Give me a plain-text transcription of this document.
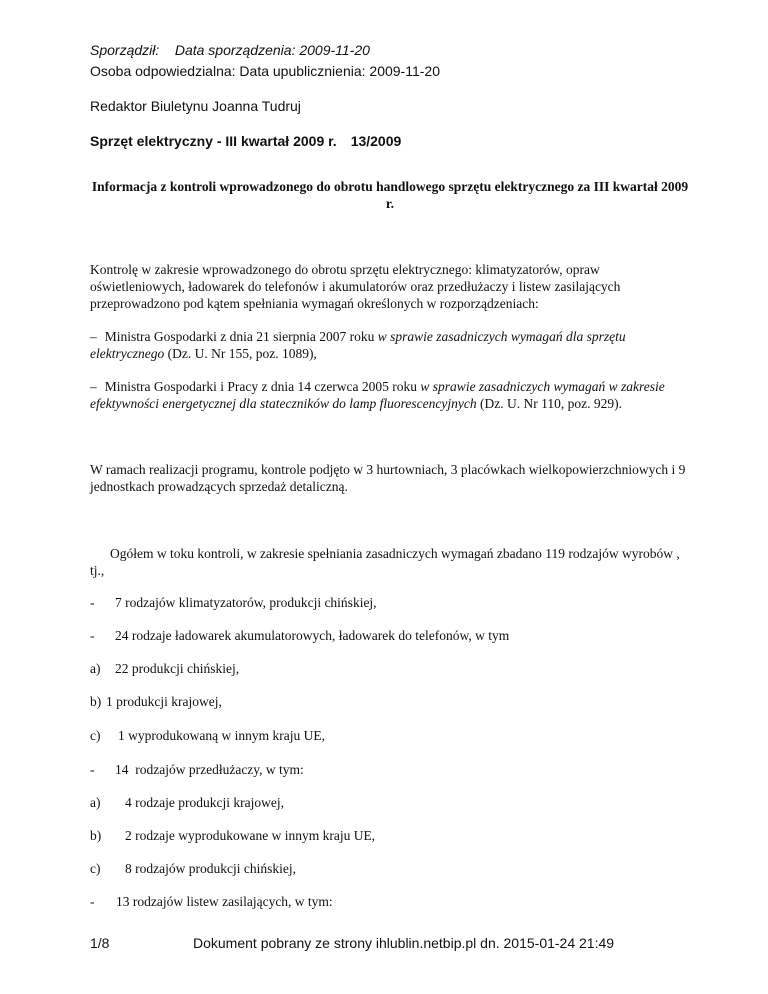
Sporządził: Data sporządzenia: 2009-11-20
Osoba odpowiedzialna: Data upublicznienia: 2009-11-20
Redaktor Biuletynu Joanna Tudruj
Sprzęt elektryczny - III kwartał 2009 r. 13/2009
Informacja z kontroli wprowadzonego do obrotu handlowego sprzętu elektrycznego za III kwartał 2009 r.
Kontrolę w zakresie wprowadzonego do obrotu sprzętu elektrycznego: klimatyzatorów, opraw oświetleniowych, ładowarek do telefonów i akumulatorów oraz przedłużaczy i listew zasilających przeprowadzono pod kątem spełniania wymagań określonych w rozporządzeniach:
– Ministra Gospodarki z dnia 21 sierpnia 2007 roku w sprawie zasadniczych wymagań dla sprzętu elektrycznego (Dz. U. Nr 155, poz. 1089),
– Ministra Gospodarki i Pracy z dnia 14 czerwca 2005 roku w sprawie zasadniczych wymagań w zakresie efektywności energetycznej dla stateczników do lamp fluorescencyjnych (Dz. U. Nr 110, poz. 929).
W ramach realizacji programu, kontrole podjęto w 3 hurtowniach, 3 placówkach wielkopowierzchniowych i 9 jednostkach prowadzących sprzedaż detaliczną.
Ogółem w toku kontroli, w zakresie spełniania zasadniczych wymagań zbadano 119 rodzajów wyrobów , tj.,
- 7 rodzajów klimatyzatorów, produkcji chińskiej,
- 24 rodzaje ładowarek akumulatorowych, ładowarek do telefonów, w tym
a) 22 produkcji chińskiej,
b) 1 produkcji krajowej,
c) 1 wyprodukowaną w innym kraju UE,
- 14  rodzajów przedłużaczy, w tym:
a) 4 rodzaje produkcji krajowej,
b) 2 rodzaje wyprodukowane w innym kraju UE,
c) 8 rodzajów produkcji chińskiej,
- 13 rodzajów listew zasilających, w tym:
1/8	Dokument pobrany ze strony ihlublin.netbip.pl dn. 2015-01-24 21:49
